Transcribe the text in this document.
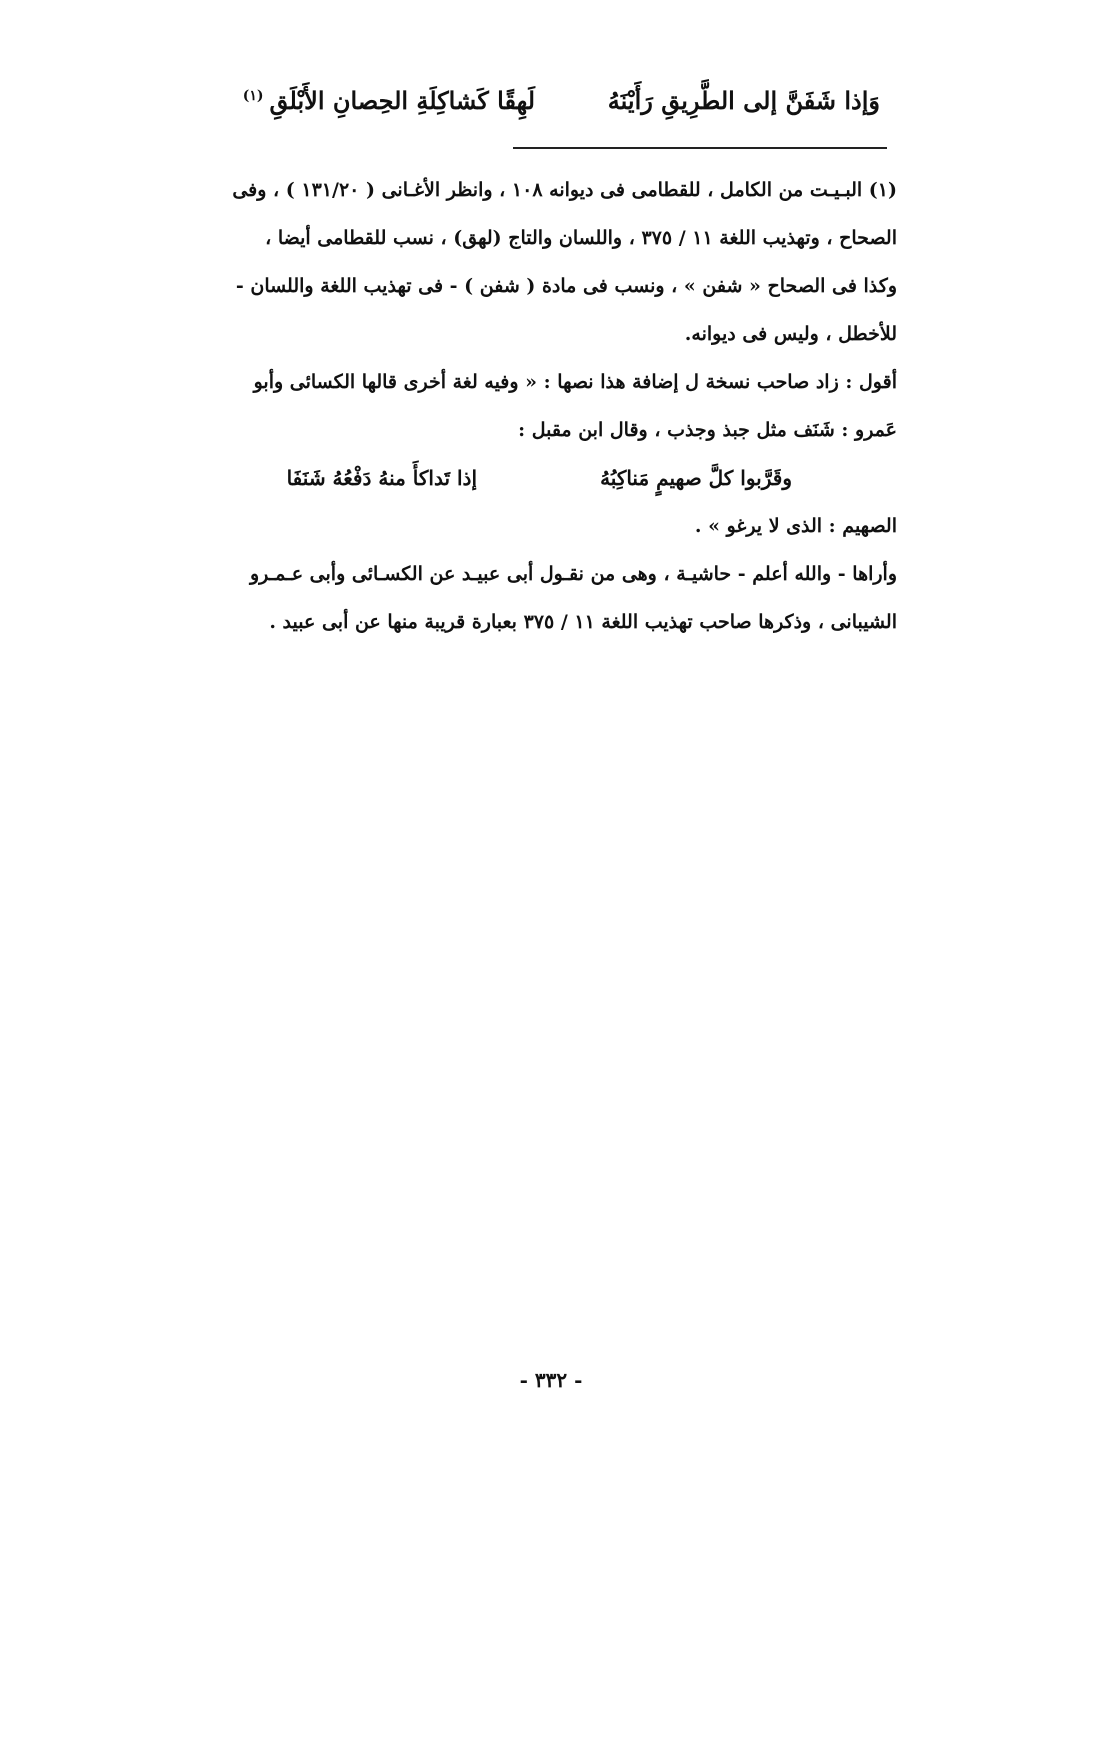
وَإذا شَفَنَّ إلى الطَّرِيقِ رَأَيْنَهُ
لَهِقًا كَشاكِلَةِ الحِصانِ الأَبْلَقِ$^{(١)}$
(١) البـيـت من الكامل ، للقطامى فى ديوانه ١٠٨ ، وانظر الأغـانى ( ١٣١/٢٠ ) ، وفى
الصحاح ، وتهذيب اللغة ١١ / ٣٧٥ ، واللسان والتاج (لهق) ، نسب للقطامى أيضا ،
وكذا فى الصحاح « شفن » ، ونسب فى مادة ( شفن ) - فى تهذيب اللغة واللسان -
للأخطل ، وليس فى ديوانه.
أقول : زاد صاحب نسخة ل إضافة هذا نصها : « وفيه لغة أخرى قالها الكسائى وأبو
عَمرو : شَنَف مثل جبذ وجذب ، وقال ابن مقبل :
وقَرَّبوا كلَّ صهيمٍ مَناكِبُهُ
إذا تَداكأَ منهُ دَفْعُهُ شَنَفَا
الصهيم : الذى لا يرغو » .
وأراها - والله أعلم - حاشيـة ، وهى من نقـول أبى عبيـد عن الكسـائى وأبى عـمـرو
الشيبانى ، وذكرها صاحب تهذيب اللغة ١١ / ٣٧٥ بعبارة قريبة منها عن أبى عبيد .
- ٣٣٢ -
